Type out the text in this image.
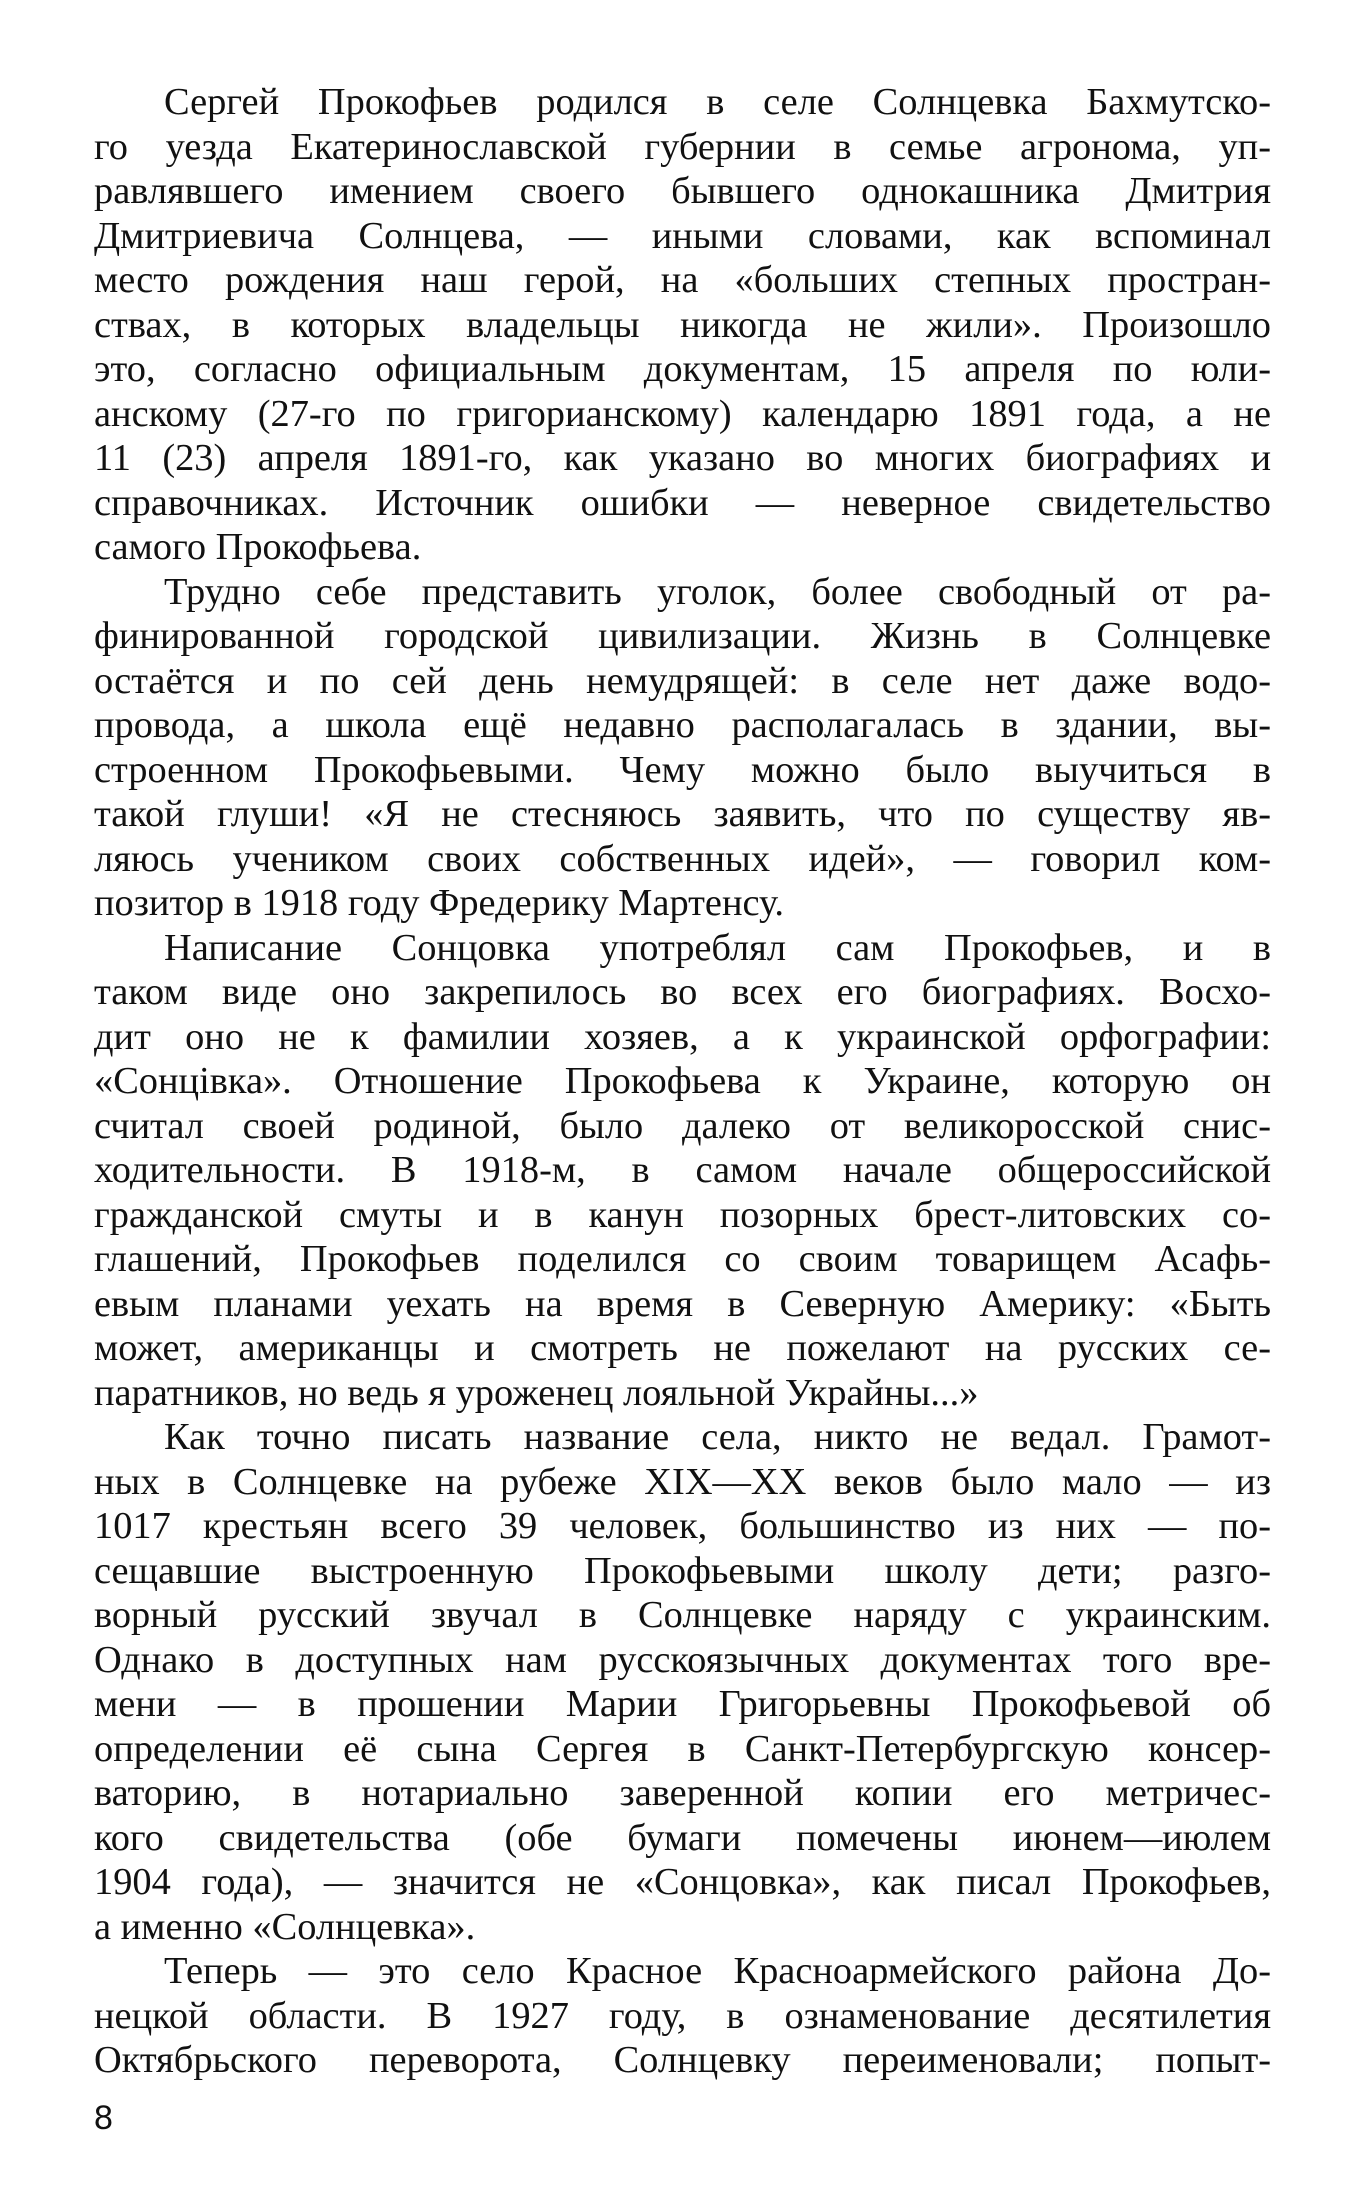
Сергей Прокофьев родился в селе Солнцевка Бахмутско-
го уезда Екатеринославской губернии в семье агронома, уп-
равлявшего имением своего бывшего однокашника Дмитрия
Дмитриевича Солнцева, — иными словами, как вспоминал
место рождения наш герой, на «больших степных простран-
ствах, в которых владельцы никогда не жили». Произошло
это, согласно официальным документам, 15 апреля по юли-
анскому (27-го по григорианскому) календарю 1891 года, а не
11 (23) апреля 1891-го, как указано во многих биографиях и
справочниках. Источник ошибки — неверное свидетельство
самого Прокофьева.
Трудно себе представить уголок, более свободный от ра-
финированной городской цивилизации. Жизнь в Солнцевке
остаётся и по сей день немудрящей: в селе нет даже водо-
провода, а школа ещё недавно располагалась в здании, вы-
строенном Прокофьевыми. Чему можно было выучиться в
такой глуши! «Я не стесняюсь заявить, что по существу яв-
ляюсь учеником своих собственных идей», — говорил ком-
позитор в 1918 году Фредерику Мартенсу.
Написание Сонцовка употреблял сам Прокофьев, и в
таком виде оно закрепилось во всех его биографиях. Восхо-
дит оно не к фамилии хозяев, а к украинской орфографии:
«Сонцівка». Отношение Прокофьева к Украине, которую он
считал своей родиной, было далеко от великоросской снис-
ходительности. В 1918-м, в самом начале общероссийской
гражданской смуты и в канун позорных брест-литовских со-
глашений, Прокофьев поделился со своим товарищем Асафь-
евым планами уехать на время в Северную Америку: «Быть
может, американцы и смотреть не пожелают на русских се-
паратников, но ведь я уроженец лояльной Украйны...»
Как точно писать название села, никто не ведал. Грамот-
ных в Солнцевке на рубеже XIX—XX веков было мало — из
1017 крестьян всего 39 человек, большинство из них — по-
сещавшие выстроенную Прокофьевыми школу дети; разго-
ворный русский звучал в Солнцевке наряду с украинским.
Однако в доступных нам русскоязычных документах того вре-
мени — в прошении Марии Григорьевны Прокофьевой об
определении её сына Сергея в Санкт-Петербургскую консер-
ваторию, в нотариально заверенной копии его метричес-
кого свидетельства (обе бумаги помечены июнем—июлем
1904 года), — значится не «Сонцовка», как писал Прокофьев,
а именно «Солнцевка».
Теперь — это село Красное Красноармейского района До-
нецкой области. В 1927 году, в ознаменование десятилетия
Октябрьского переворота, Солнцевку переименовали; попыт-
8
